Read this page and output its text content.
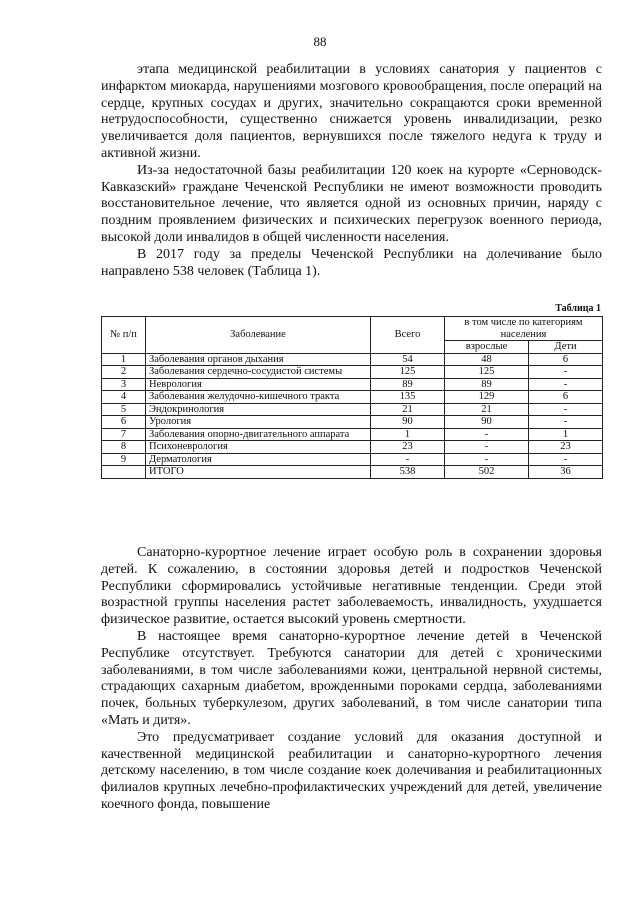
88

этапа медицинской реабилитации в условиях санатория у пациентов с инфарктом миокарда, нарушениями мозгового кровообращения, после операций на сердце, крупных сосудах и других, значительно сокращаются сроки временной нетрудоспособности, существенно снижается уровень инвалидизации, резко увеличивается доля пациентов, вернувшихся после тяжелого недуга к труду и активной жизни.

Из-за недостаточной базы реабилитации 120 коек на курорте «Серноводск-Кавказский» граждане Чеченской Республики не имеют возможности проводить восстановительное лечение, что является одной из основных причин, наряду с поздним проявлением физических и психических перегрузок военного периода, высокой доли инвалидов в общей численности населения.

В 2017 году за пределы Чеченской Республики на долечивание было направлено 538 человек (Таблица 1).

Таблица 1
№ п/п	Заболевание	Всего	в том числе по категориям населения	
			взрослые	Дети
1	Заболевания органов дыхания	54	48	6
2	Заболевания сердечно-сосудистой системы	125	125	-
3	Неврология	89	89	-
4	Заболевания желудочно-кишечного тракта	135	129	6
5	Эндокринология	21	21	-
6	Урология	90	90	-
7	Заболевания опорно-двигательного аппарата	1	-	1
8	Психоневрология	23	-	23
9	Дерматология	-	-	-
	ИТОГО	538	502	36

Санаторно-курортное лечение играет особую роль в сохранении здоровья детей. К сожалению, в состоянии здоровья детей и подростков Чеченской Республики сформировались устойчивые негативные тенденции. Среди этой возрастной группы населения растет заболеваемость, инвалидность, ухудшается физическое развитие, остается высокий уровень смертности.

В настоящее время санаторно-курортное лечение детей в Чеченской Республике отсутствует. Требуются санатории для детей с хроническими заболеваниями, в том числе заболеваниями кожи, центральной нервной системы, страдающих сахарным диабетом, врожденными пороками сердца, заболеваниями почек, больных туберкулезом, других заболеваний, в том числе санатории типа «Мать и дитя».

Это предусматривает создание условий для оказания доступной и качественной медицинской реабилитации и санаторно-курортного лечения детскому населению, в том числе создание коек долечивания и реабилитационных филиалов крупных лечебно-профилактических учреждений для детей, увеличение коечного фонда, повышение
